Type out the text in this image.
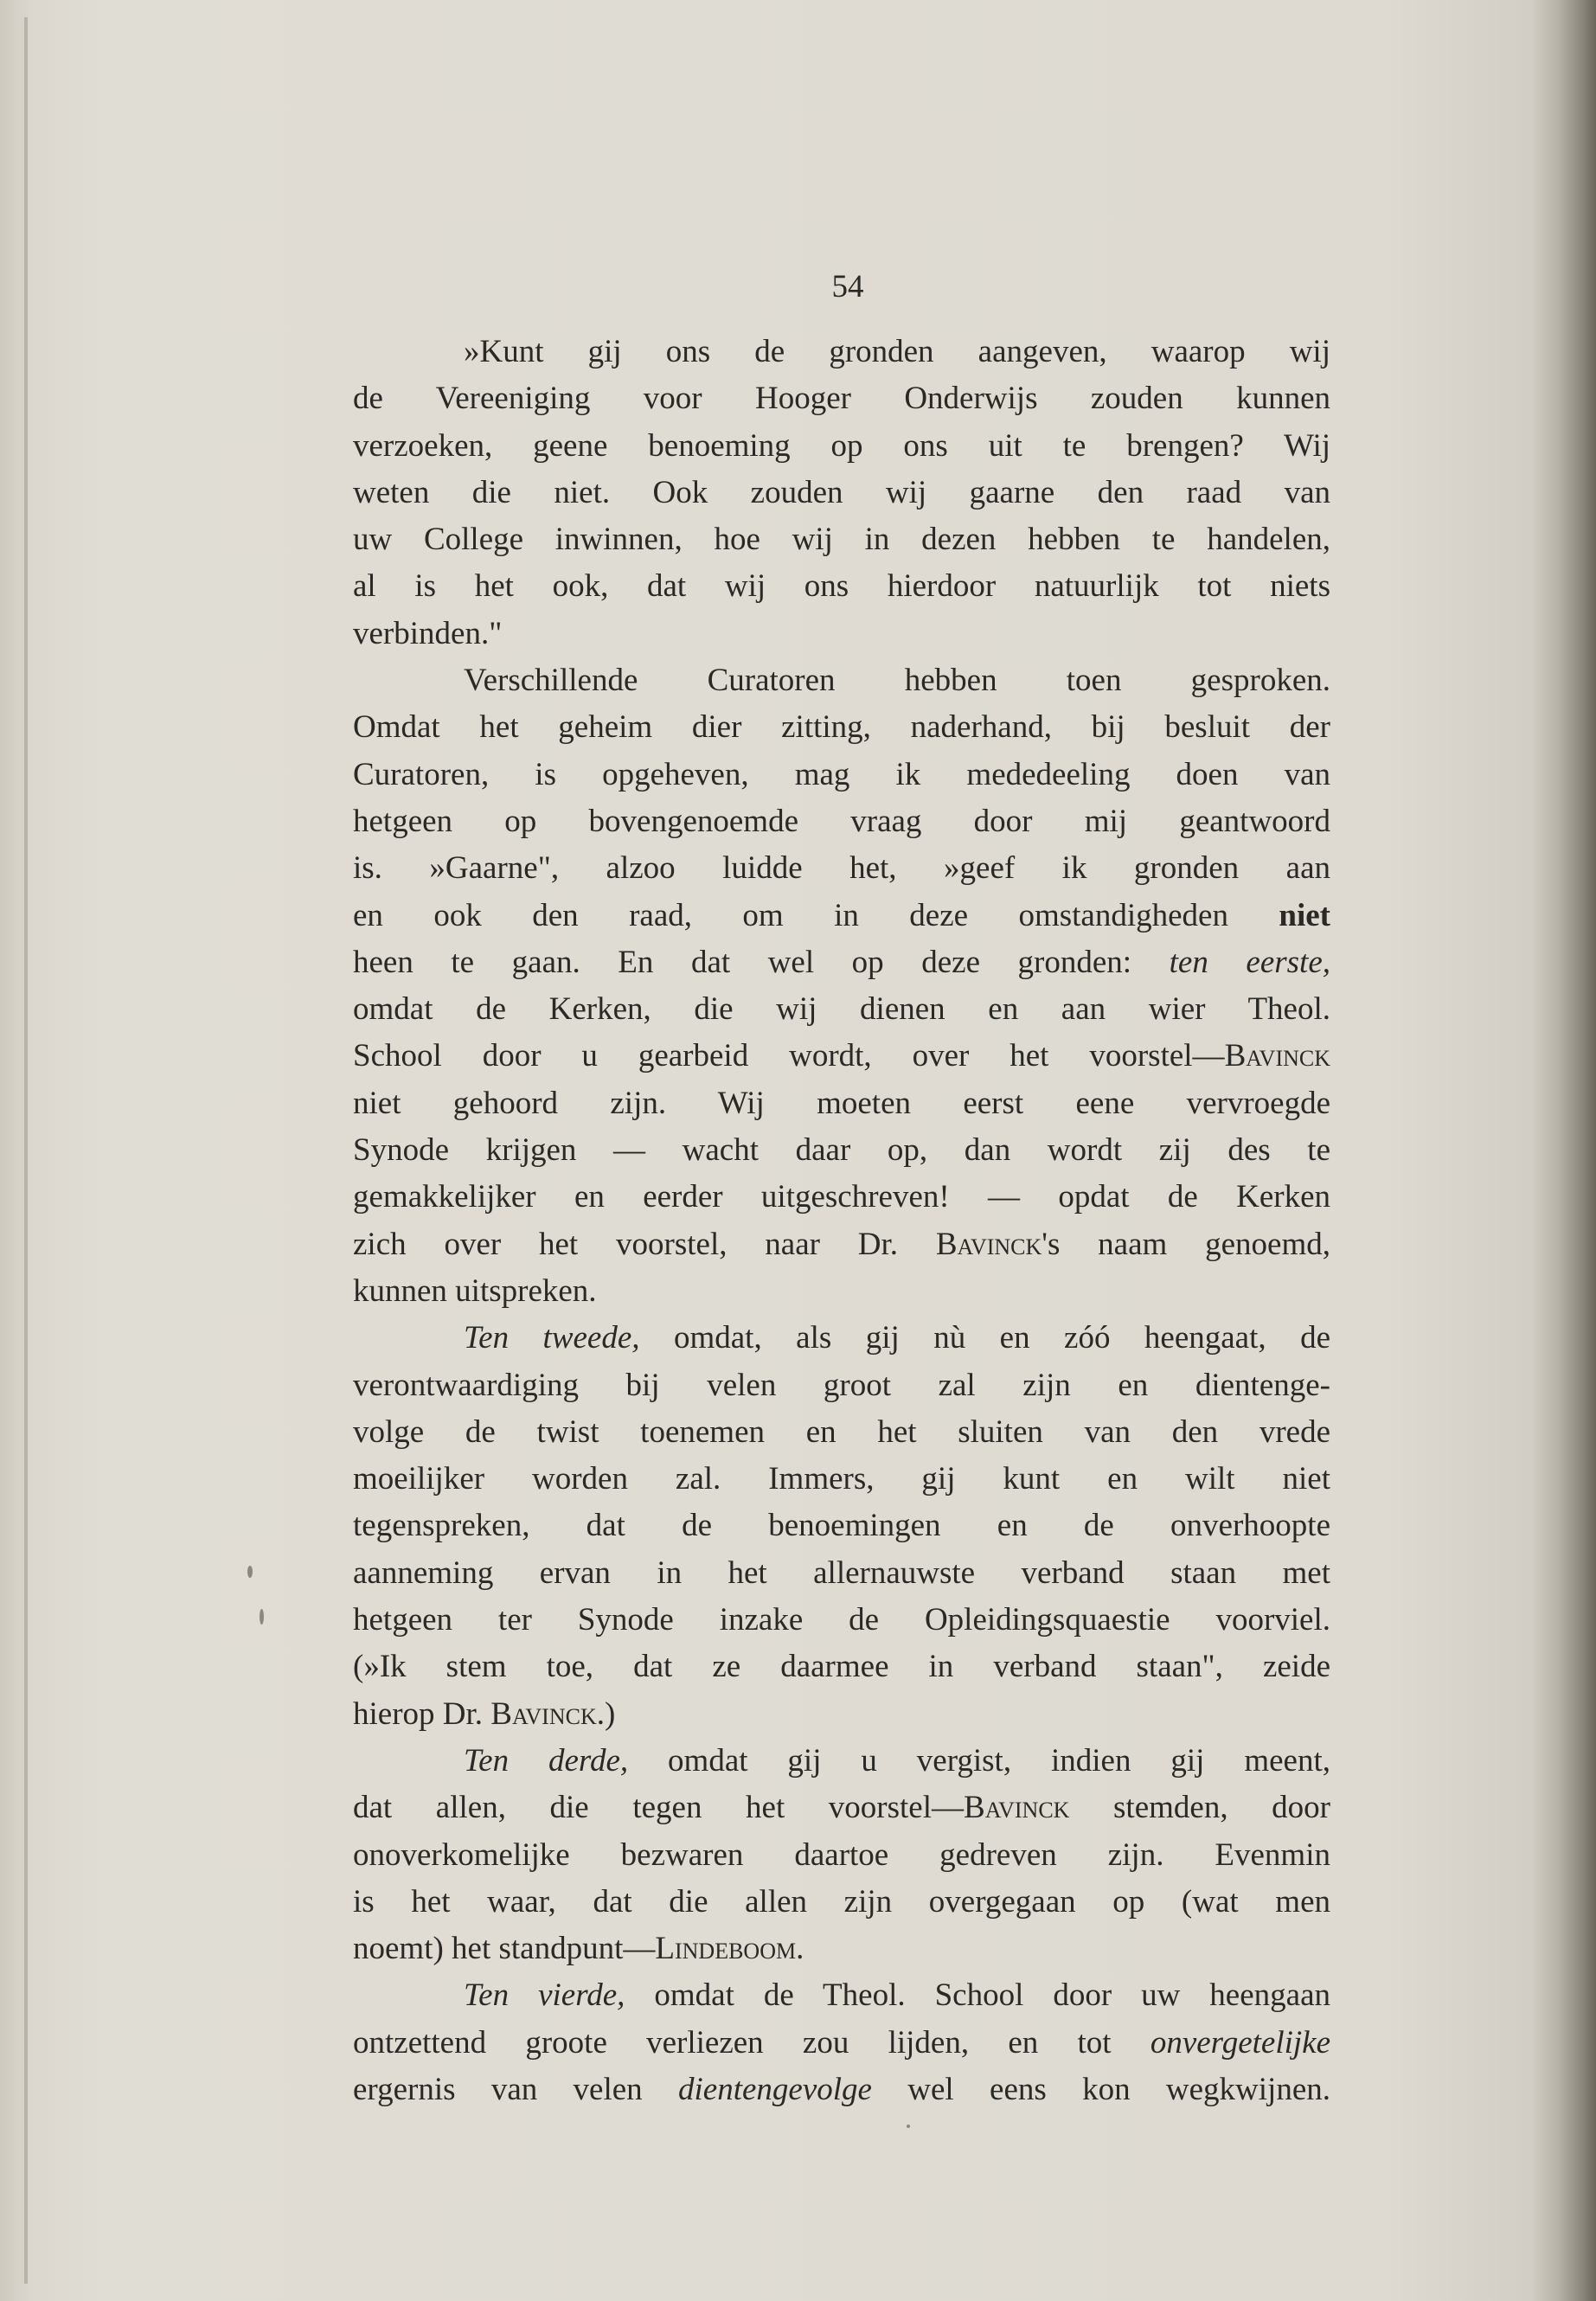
54
»Kunt gij ons de gronden aangeven, waarop wij
de Vereeniging voor Hooger Onderwijs zouden kunnen
verzoeken, geene benoeming op ons uit te brengen? Wij
weten die niet. Ook zouden wij gaarne den raad van
uw College inwinnen, hoe wij in dezen hebben te handelen,
al is het ook, dat wij ons hierdoor natuurlijk tot niets
verbinden."
Verschillende Curatoren hebben toen gesproken.
Omdat het geheim dier zitting, naderhand, bij besluit der
Curatoren, is opgeheven, mag ik mededeeling doen van
hetgeen op bovengenoemde vraag door mij geantwoord
is. »Gaarne", alzoo luidde het, »geef ik gronden aan
en ook den raad, om in deze omstandigheden niet
heen te gaan. En dat wel op deze gronden: ten eerste,
omdat de Kerken, die wij dienen en aan wier Theol.
School door u gearbeid wordt, over het voorstel—Bavinck
niet gehoord zijn. Wij moeten eerst eene vervroegde
Synode krijgen — wacht daar op, dan wordt zij des te
gemakkelijker en eerder uitgeschreven! — opdat de Kerken
zich over het voorstel, naar Dr. Bavinck's naam genoemd,
kunnen uitspreken.
Ten tweede, omdat, als gij nù en zóó heengaat, de
verontwaardiging bij velen groot zal zijn en dientenge-
volge de twist toenemen en het sluiten van den vrede
moeilijker worden zal. Immers, gij kunt en wilt niet
tegenspreken, dat de benoemingen en de onverhoopte
aanneming ervan in het allernauwste verband staan met
hetgeen ter Synode inzake de Opleidingsquaestie voorviel.
(»Ik stem toe, dat ze daarmee in verband staan", zeide
hierop Dr. Bavinck.)
Ten derde, omdat gij u vergist, indien gij meent,
dat allen, die tegen het voorstel—Bavinck stemden, door
onoverkomelijke bezwaren daartoe gedreven zijn. Evenmin
is het waar, dat die allen zijn overgegaan op (wat men
noemt) het standpunt—Lindeboom.
Ten vierde, omdat de Theol. School door uw heengaan
ontzettend groote verliezen zou lijden, en tot onvergetelijke
ergernis van velen dientengevolge wel eens kon wegkwijnen.
